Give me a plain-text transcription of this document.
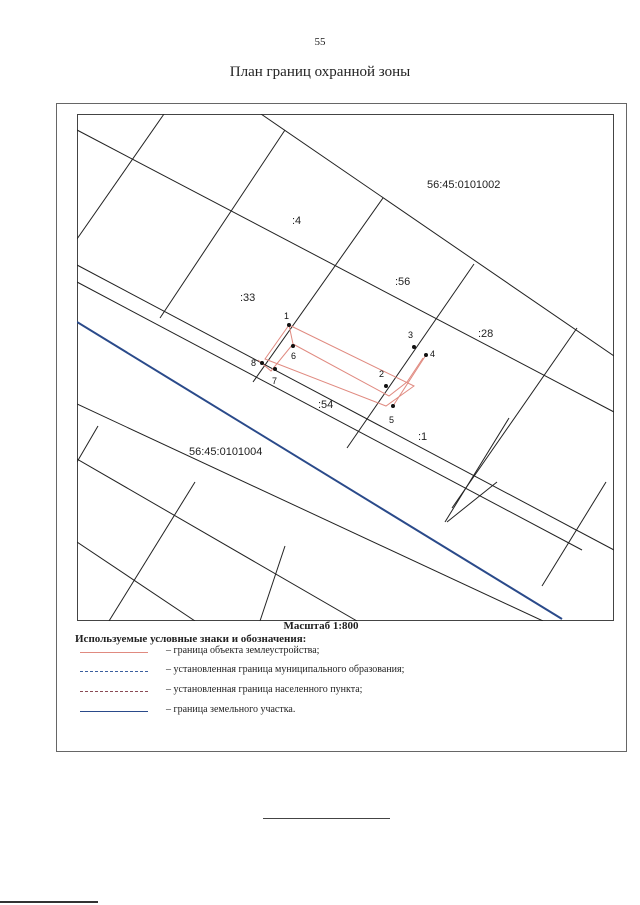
55
План границ охранной зоны
1
2
3
4
5
6
7
8
56:45:0101002
56:45:0101004
:4
:33
:56
:28
:54
:1
Масштаб 1:800
Используемые условные знаки и обозначения:
– граница объекта землеустройства;
– установленная граница муниципального образования;
– установленная граница населенного пункта;
– граница земельного участка.
